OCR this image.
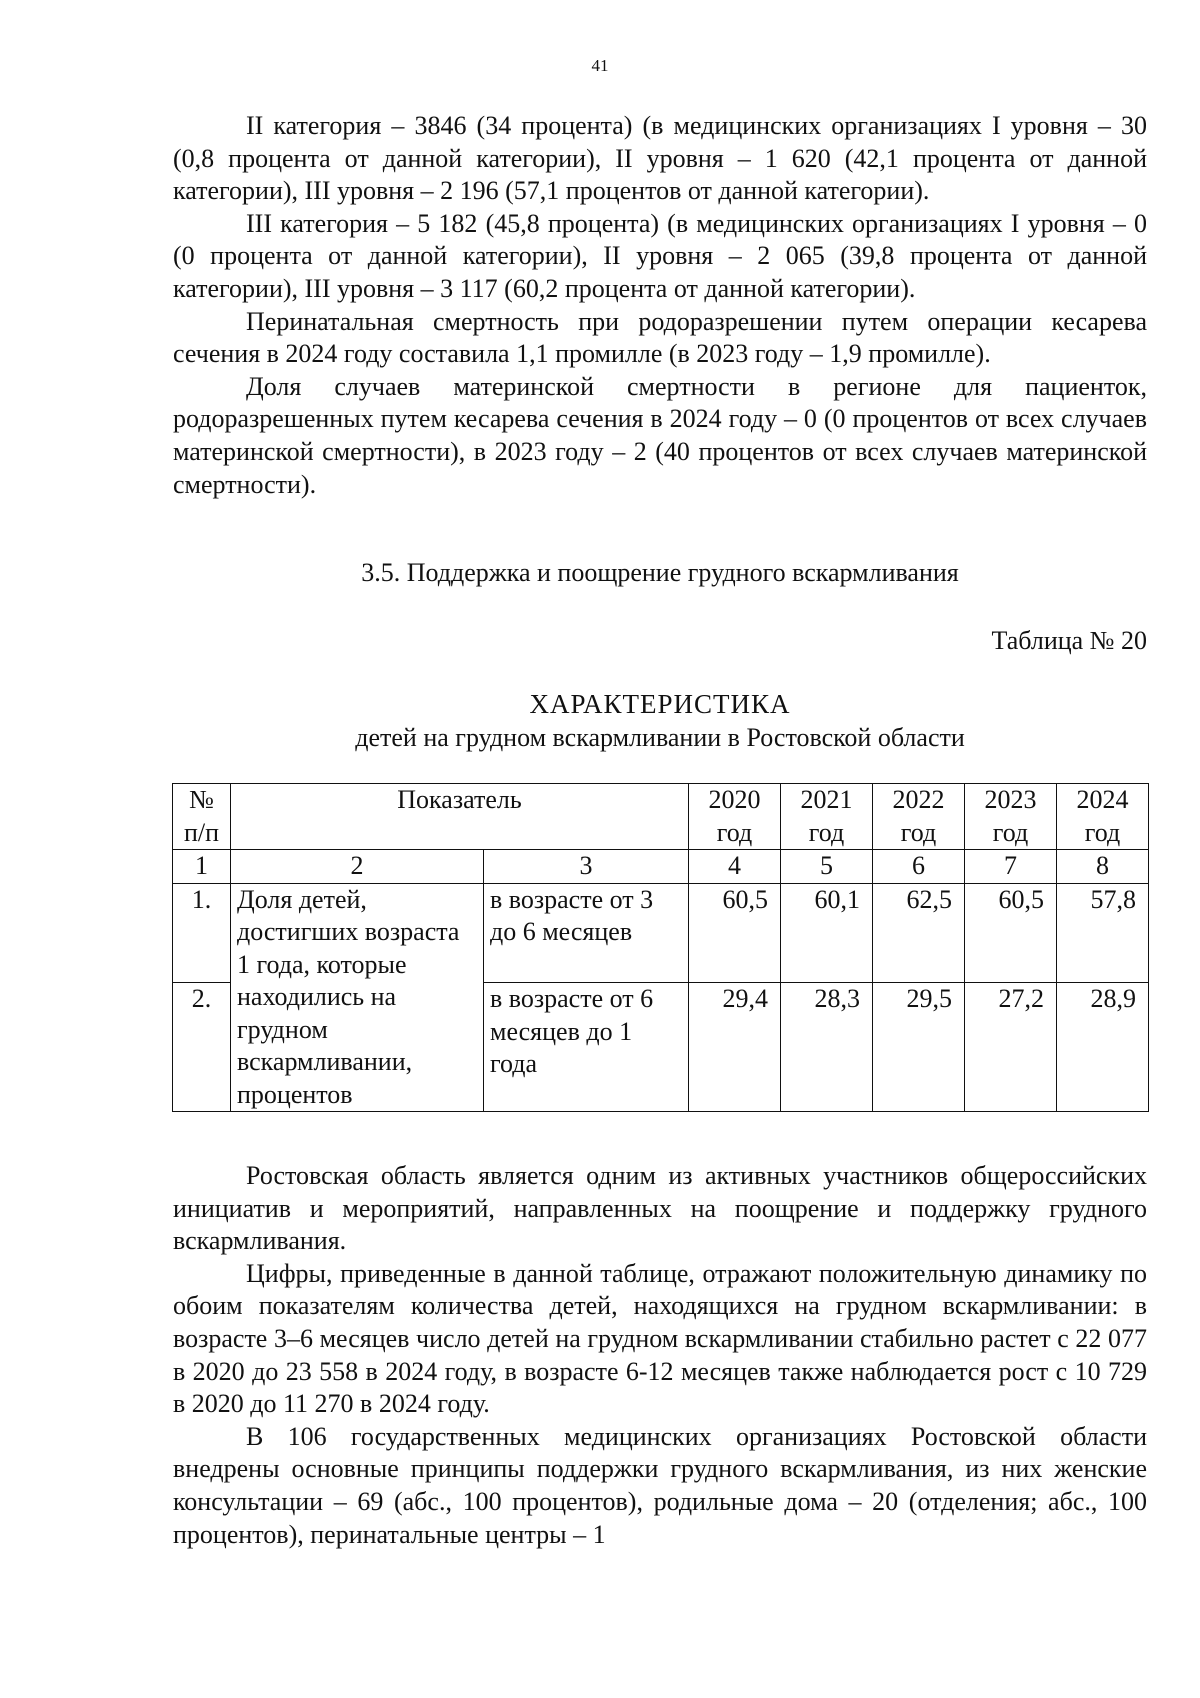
41

II категория – 3846 (34 процента) (в медицинских организациях I уровня – 30 (0,8 процента от данной категории), II уровня – 1 620 (42,1 процента от данной категории), III уровня – 2 196 (57,1 процентов от данной категории).

III категория – 5 182 (45,8 процента) (в медицинских организациях I уровня – 0 (0 процента от данной категории), II уровня – 2 065 (39,8 процента от данной категории), III уровня – 3 117 (60,2 процента от данной категории).

Перинатальная смертность при родоразрешении путем операции кесарева сечения в 2024 году составила 1,1 промилле (в 2023 году – 1,9 промилле).

Доля случаев материнской смертности в регионе для пациенток, родоразрешенных путем кесарева сечения в 2024 году – 0 (0 процентов от всех случаев материнской смертности), в 2023 году – 2 (40 процентов от всех случаев материнской смертности).

3.5. Поддержка и поощрение грудного вскармливания
Таблица № 20
ХАРАКТЕРИСТИКА
детей на грудном вскармливании в Ростовской области
№ п/п	Показатель		2020 год	2021 год	2022 год	2023 год	2024 год
1	2	3	4	5	6	7	8
1.	Доля детей, достигших возраста 1 года, которые находились на грудном вскармливании, процентов	в возрасте от 3 до 6 месяцев	60,5	60,1	62,5	60,5	57,8
2.		в возрасте от 6 месяцев до 1 года	29,4	28,3	29,5	27,2	28,9

Ростовская область является одним из активных участников общероссийских инициатив и мероприятий, направленных на поощрение и поддержку грудного вскармливания.

Цифры, приведенные в данной таблице, отражают положительную динамику по обоим показателям количества детей, находящихся на грудном вскармливании: в возрасте 3–6 месяцев число детей на грудном вскармливании стабильно растет с 22 077 в 2020 до 23 558 в 2024 году, в возрасте 6-12 месяцев также наблюдается рост с 10 729 в 2020 до 11 270 в 2024 году.

В 106 государственных медицинских организациях Ростовской области внедрены основные принципы поддержки грудного вскармливания, из них женские консультации – 69 (абс., 100 процентов), родильные дома – 20 (отделения; абс., 100 процентов), перинатальные центры – 1
